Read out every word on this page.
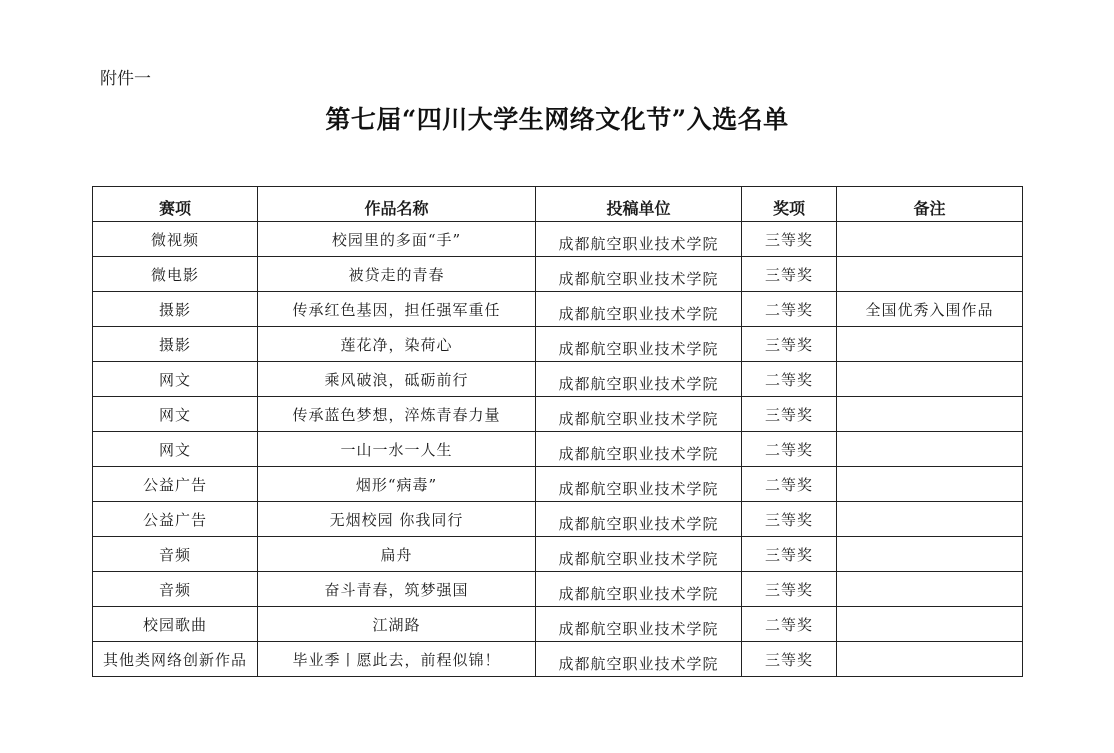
附件一
第七届“四川大学生网络文化节”入选名单
赛项	作品名称	投稿单位	奖项	备注
微视频	校园里的多面“手”	成都航空职业技术学院	三等奖	
微电影	被贷走的青春	成都航空职业技术学院	三等奖	
摄影	传承红色基因，担任强军重任	成都航空职业技术学院	二等奖	全国优秀入围作品
摄影	莲花净，染荷心	成都航空职业技术学院	三等奖	
网文	乘风破浪，砥砺前行	成都航空职业技术学院	二等奖	
网文	传承蓝色梦想，淬炼青春力量	成都航空职业技术学院	三等奖	
网文	一山一水一人生	成都航空职业技术学院	二等奖	
公益广告	烟形“病毒”	成都航空职业技术学院	二等奖	
公益广告	无烟校园 你我同行	成都航空职业技术学院	三等奖	
音频	扁舟	成都航空职业技术学院	三等奖	
音频	奋斗青春，筑梦强国	成都航空职业技术学院	三等奖	
校园歌曲	江湖路	成都航空职业技术学院	二等奖	
其他类网络创新作品	毕业季丨愿此去，前程似锦！	成都航空职业技术学院	三等奖	
